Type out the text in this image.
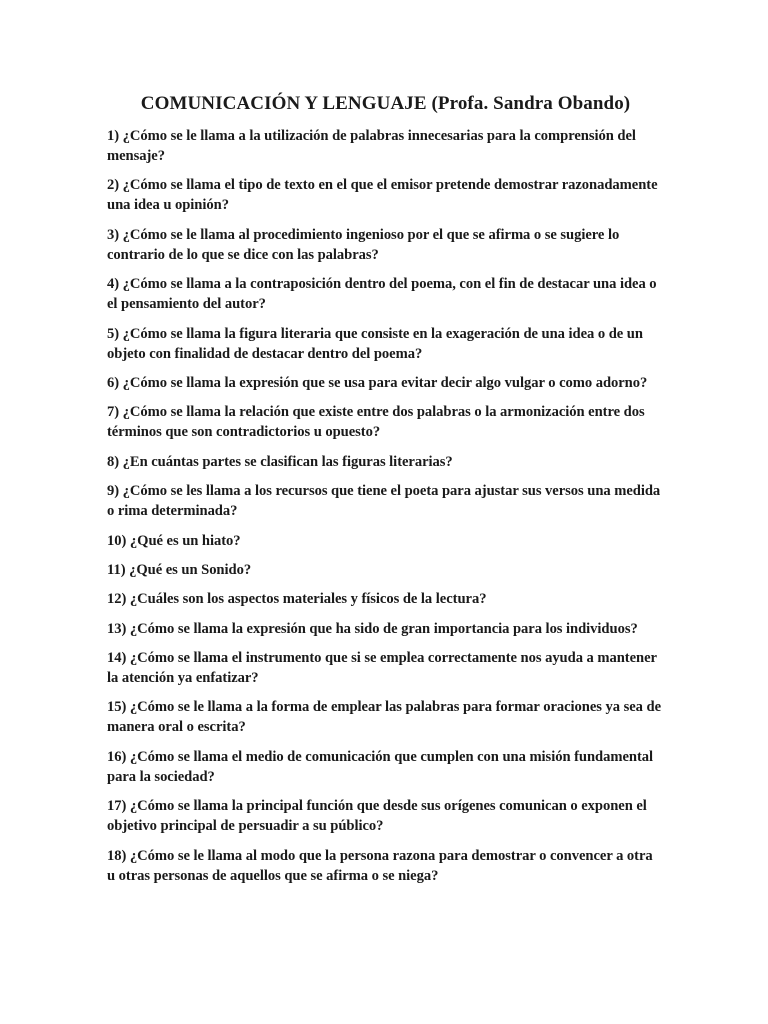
COMUNICACIÓN Y LENGUAJE (Profa. Sandra Obando)
1) ¿Cómo se le llama a la utilización de palabras innecesarias para la comprensión del mensaje?
2) ¿Cómo se llama el tipo de texto en el que el emisor pretende demostrar razonadamente una idea u opinión?
3) ¿Cómo se le llama al procedimiento ingenioso por el que se afirma o se sugiere lo contrario de lo que se dice con las palabras?
4) ¿Cómo se llama a la contraposición dentro del poema, con el fin de destacar una idea o el pensamiento del autor?
5) ¿Cómo se llama la figura literaria que consiste en la exageración de una idea o de un objeto con finalidad de destacar dentro del poema?
6) ¿Cómo se llama la expresión que se usa para evitar decir algo vulgar o como adorno?
7) ¿Cómo se llama la relación que existe entre dos palabras o la armonización entre dos términos que son contradictorios u opuesto?
8) ¿En cuántas partes se clasifican las figuras literarias?
9) ¿Cómo se les llama a los recursos que tiene el poeta para ajustar sus versos una medida o rima determinada?
10) ¿Qué es un hiato?
11) ¿Qué es un Sonido?
12) ¿Cuáles son los aspectos materiales y físicos de la lectura?
13) ¿Cómo se llama la expresión que ha sido de gran importancia para los individuos?
14) ¿Cómo se llama el instrumento que si se emplea correctamente nos ayuda a mantener la atención ya enfatizar?
15) ¿Cómo se le llama a la forma de emplear las palabras para formar oraciones ya sea de manera oral o escrita?
16) ¿Cómo se llama el medio de comunicación que cumplen con una misión fundamental para la sociedad?
17) ¿Cómo se llama la principal función que desde sus orígenes comunican o exponen el objetivo principal de persuadir a su público?
18) ¿Cómo se le llama al modo que la persona razona para demostrar o convencer a otra u otras personas de aquellos que se afirma o se niega?
